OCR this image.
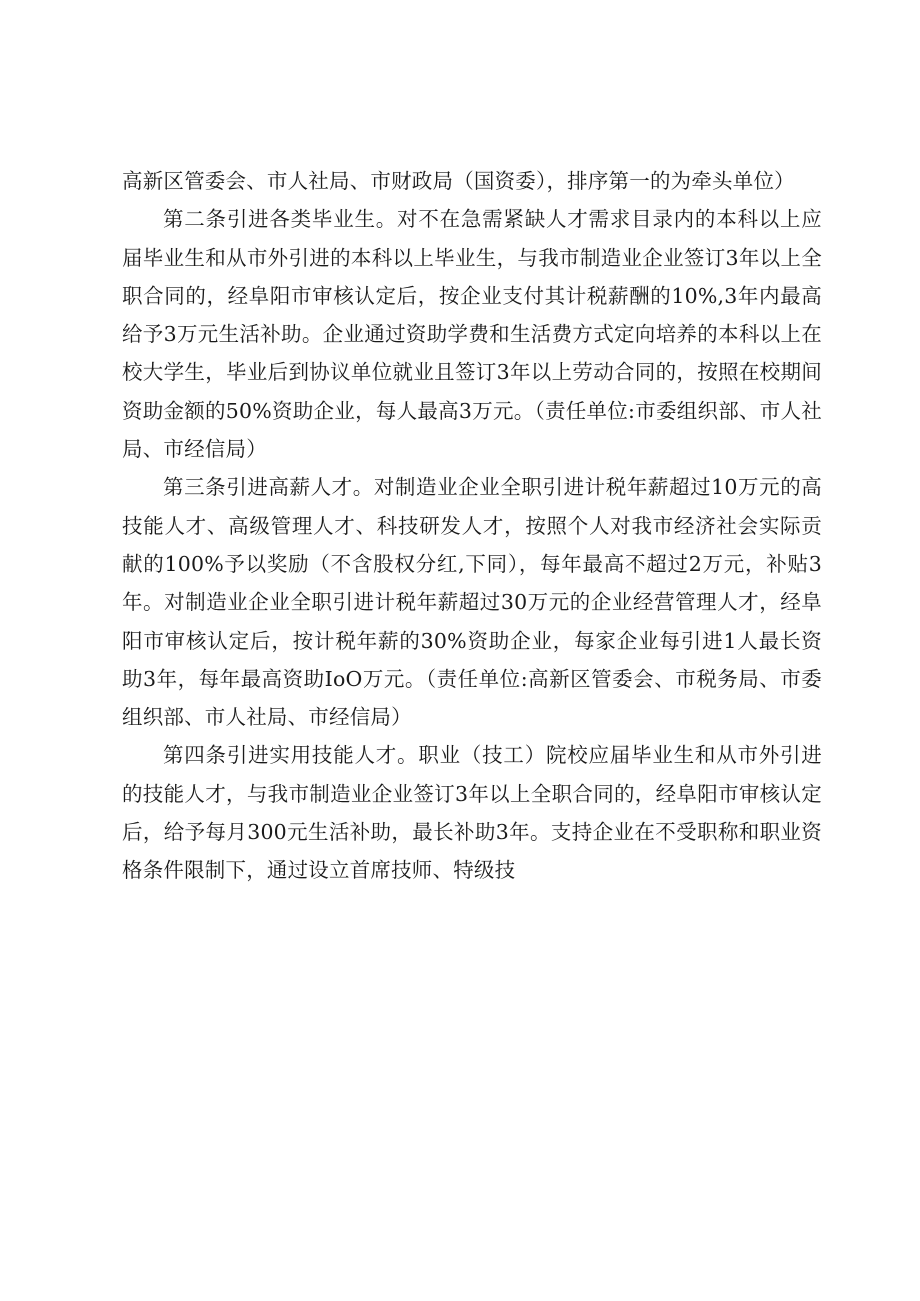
高新区管委会、市人社局、市财政局（国资委），排序第一的为牵头单位）

第二条引进各类毕业生。对不在急需紧缺人才需求目录内的本科以上应届毕业生和从市外引进的本科以上毕业生，与我市制造业企业签订3年以上全职合同的，经阜阳市审核认定后，按企业支付其计税薪酬的10%,3年内最高给予3万元生活补助。企业通过资助学费和生活费方式定向培养的本科以上在校大学生，毕业后到协议单位就业且签订3年以上劳动合同的，按照在校期间资助金额的50%资助企业，每人最高3万元。（责任单位:市委组织部、市人社局、市经信局）

第三条引进高薪人才。对制造业企业全职引进计税年薪超过10万元的高技能人才、高级管理人才、科技研发人才，按照个人对我市经济社会实际贡献的100%予以奖励（不含股权分红,下同），每年最高不超过2万元，补贴3年。对制造业企业全职引进计税年薪超过30万元的企业经营管理人才，经阜阳市审核认定后，按计税年薪的30%资助企业，每家企业每引进1人最长资助3年，每年最高资助IoO万元。（责任单位:高新区管委会、市税务局、市委组织部、市人社局、市经信局）

第四条引进实用技能人才。职业（技工）院校应届毕业生和从市外引进的技能人才，与我市制造业企业签订3年以上全职合同的，经阜阳市审核认定后，给予每月300元生活补助，最长补助3年。支持企业在不受职称和职业资格条件限制下，通过设立首席技师、特级技
